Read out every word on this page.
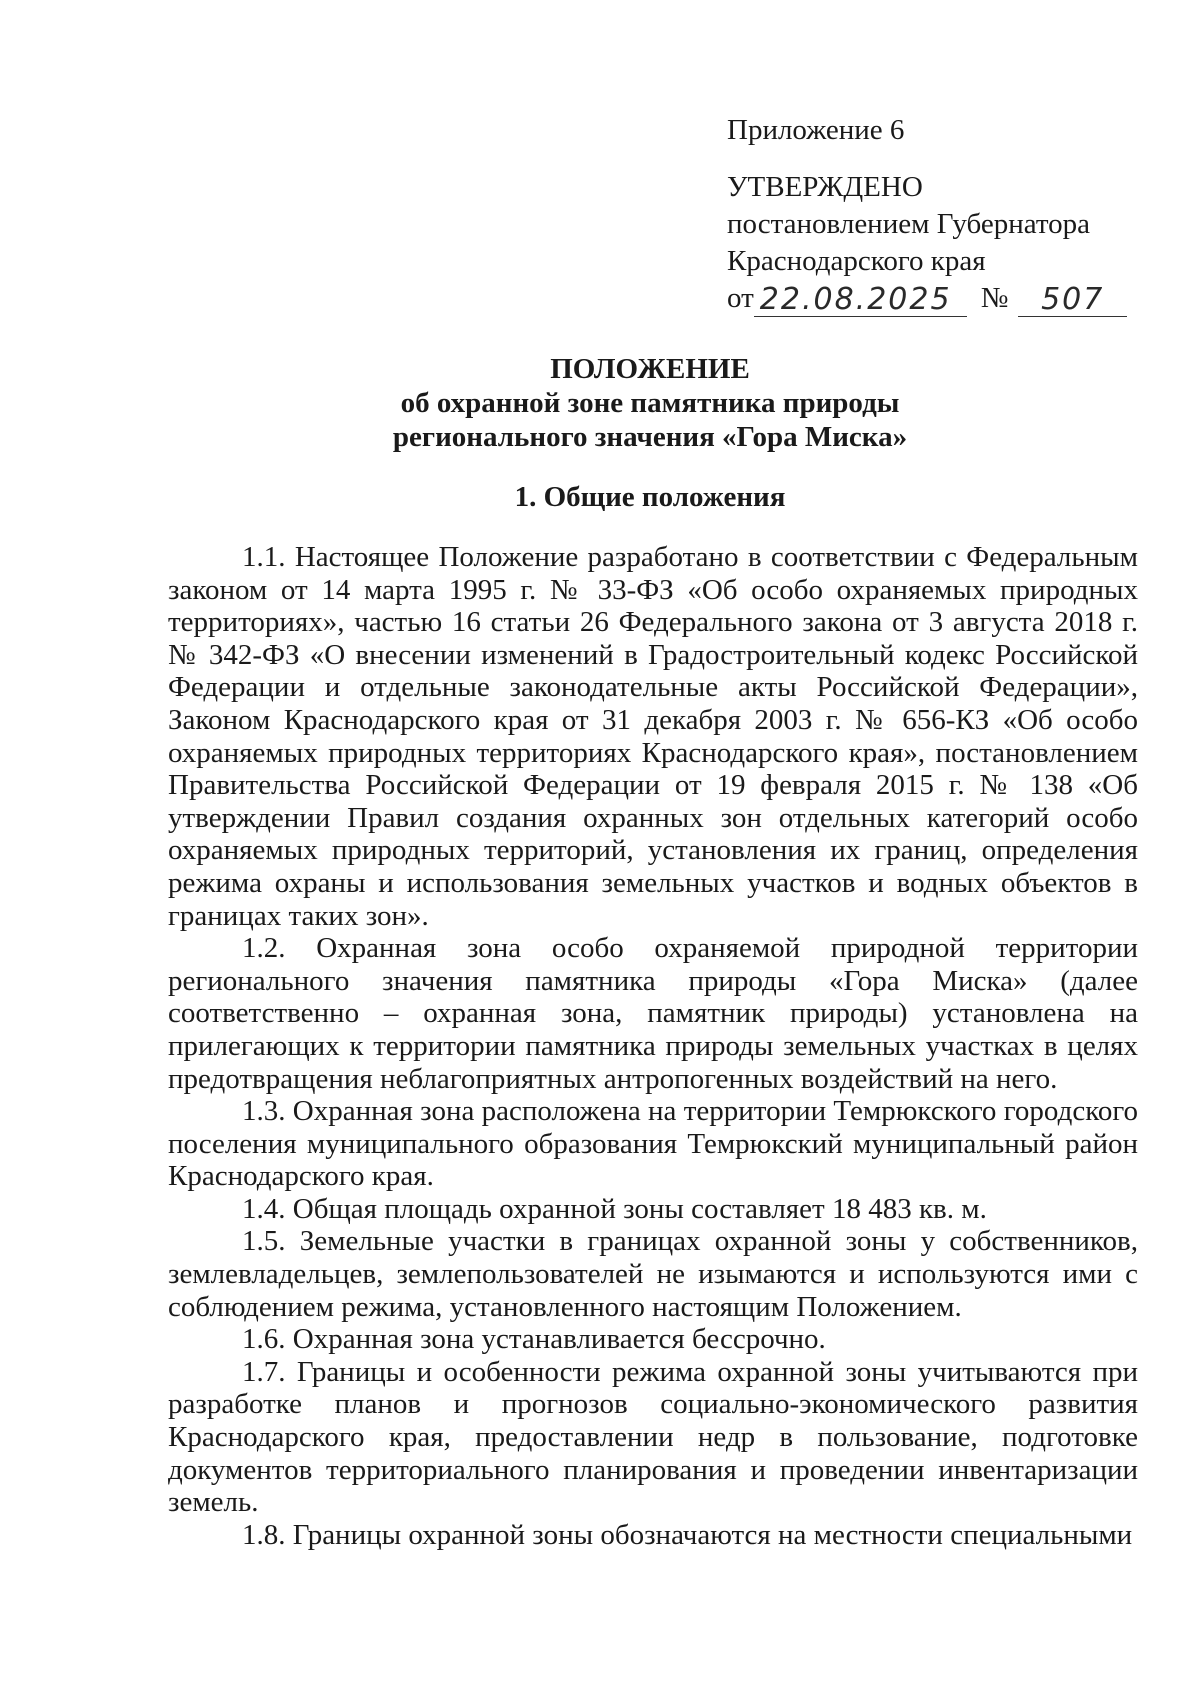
Приложение 6
УТВЕРЖДЕНО
постановлением Губернатора
Краснодарского края
от 22.08.2025	№	507
ПОЛОЖЕНИЕ
об охранной зоне памятника природы
регионального значения «Гора Миска»
1. Общие положения

1.1. Настоящее Положение разработано в соответствии с Федеральным законом от 14 марта 1995 г. № 33-ФЗ «Об особо охраняемых природных территориях», частью 16 статьи 26 Федерального закона от 3 августа 2018 г. № 342-ФЗ «О внесении изменений в Градостроительный кодекс Российской Федерации и отдельные законодательные акты Российской Федерации», Законом Краснодарского края от 31 декабря 2003 г. № 656-КЗ «Об особо охраняемых природных территориях Краснодарского края», постановлением Правительства Российской Федерации от 19 февраля 2015 г. № 138 «Об утверждении Правил создания охранных зон отдельных категорий особо охраняемых природных территорий, установления их границ, определения режима охраны и использования земельных участков и водных объектов в границах таких зон».

1.2. Охранная зона особо охраняемой природной территории регионального значения памятника природы «Гора Миска» (далее соответственно – охранная зона, памятник природы) установлена на прилегающих к территории памятника природы земельных участках в целях предотвращения неблагоприятных антропогенных воздействий на него.

1.3. Охранная зона расположена на территории Темрюкского городского поселения муниципального образования Темрюкский муниципальный район Краснодарского края.

1.4. Общая площадь охранной зоны составляет 18 483 кв. м.

1.5. Земельные участки в границах охранной зоны у собственников, землевладельцев, землепользователей не изымаются и используются ими с соблюдением режима, установленного настоящим Положением.

1.6. Охранная зона устанавливается бессрочно.

1.7. Границы и особенности режима охранной зоны учитываются при разработке планов и прогнозов социально-экономического развития Краснодарского края, предоставлении недр в пользование, подготовке документов территориального планирования и проведении инвентаризации земель.

1.8. Границы охранной зоны обозначаются на местности специальными
